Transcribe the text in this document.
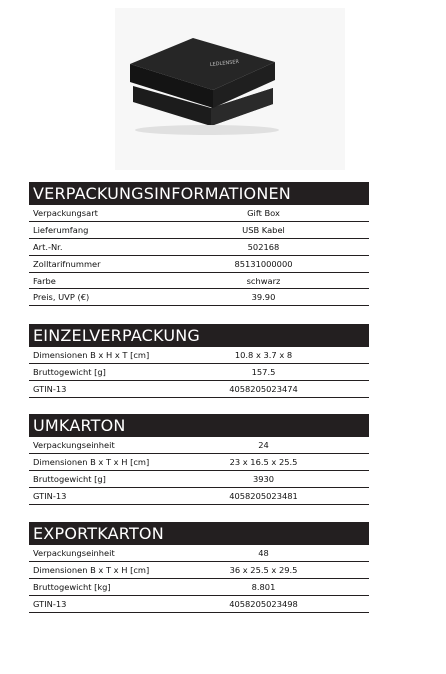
LEDLENSER
VERPACKUNGSINFORMATIONEN
Verpackungsart	Gift Box
Lieferumfang	USB Kabel
Art.-Nr.	502168
Zolltarifnummer	85131000000
Farbe	schwarz
Preis, UVP (€)	39.90
EINZELVERPACKUNG
Dimensionen B x H x T [cm]	10.8 x 3.7 x 8
Bruttogewicht [g]	157.5
GTIN-13	4058205023474
UMKARTON
Verpackungseinheit	24
Dimensionen B x T x H [cm]	23 x 16.5 x 25.5
Bruttogewicht [g]	3930
GTIN-13	4058205023481
EXPORTKARTON
Verpackungseinheit	48
Dimensionen B x T x H [cm]	36 x 25.5 x 29.5
Bruttogewicht [kg]	8.801
GTIN-13	4058205023498
